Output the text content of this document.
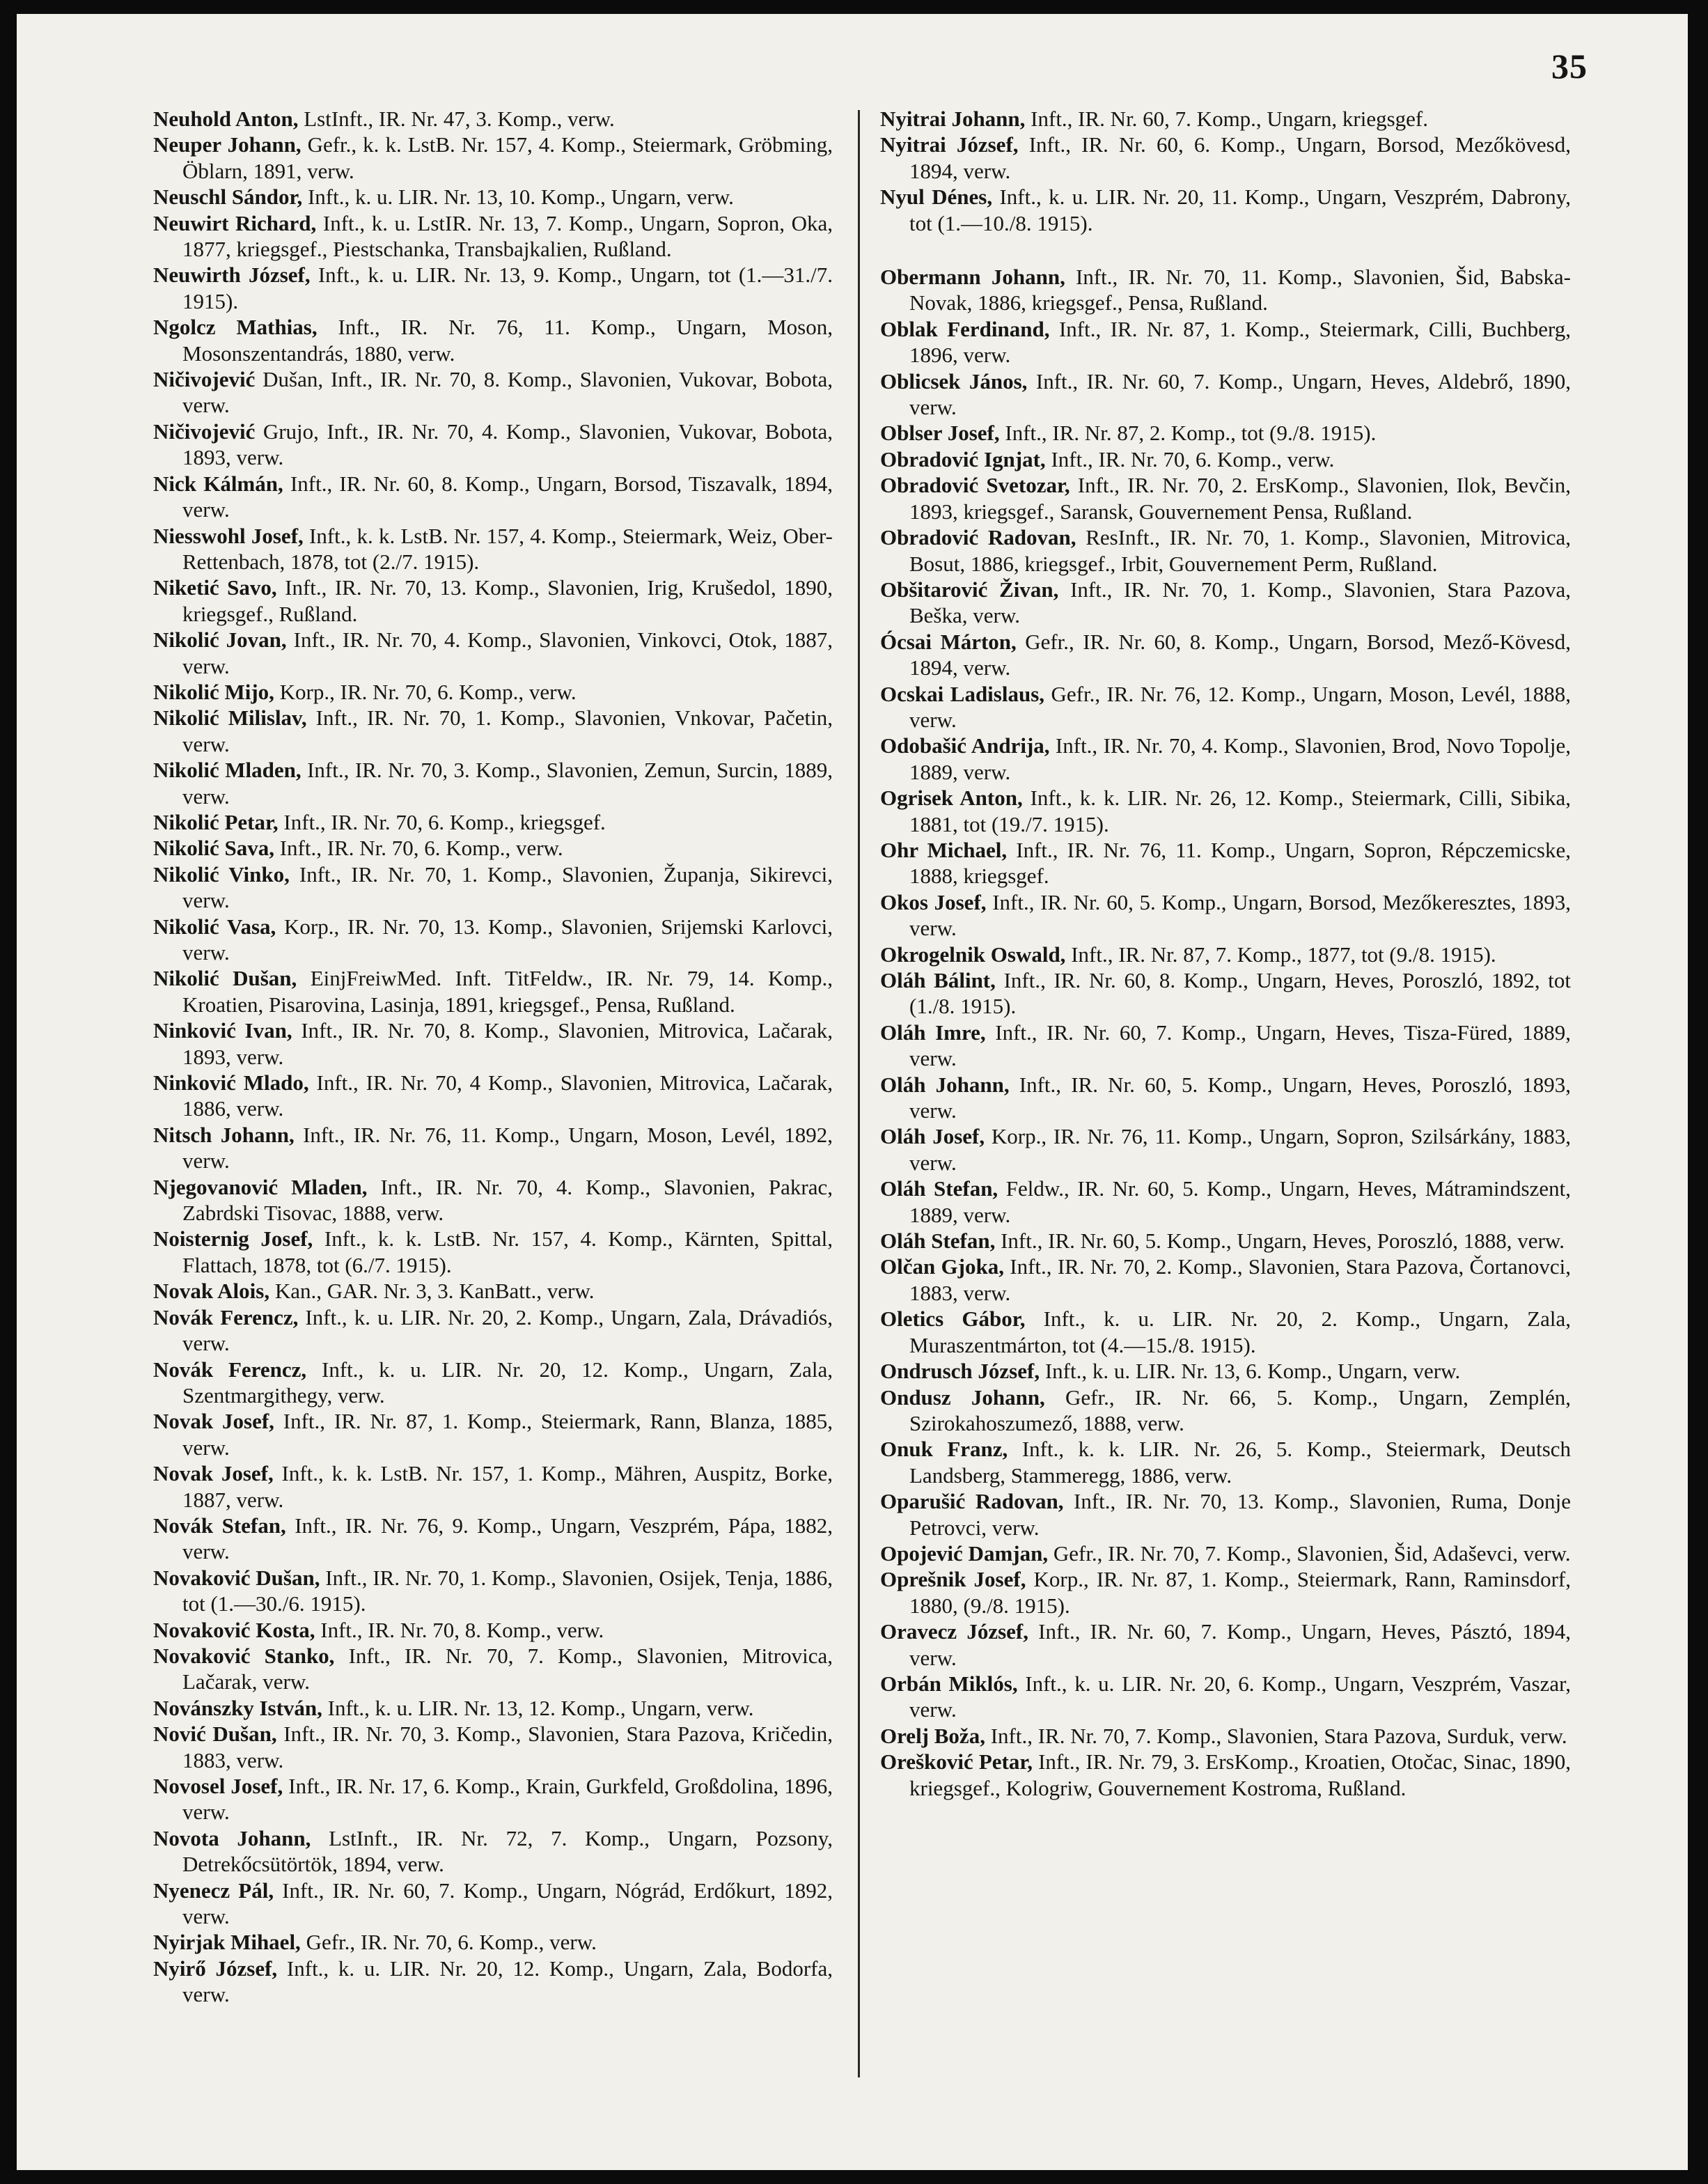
35
Neuhold Anton, LstInft., IR. Nr. 47, 3. Komp., verw.
Neuper Johann, Gefr., k. k. LstB. Nr. 157, 4. Komp., Steiermark, Gröbming, Öblarn, 1891, verw.
Neuschl Sándor, Inft., k. u. LIR. Nr. 13, 10. Komp., Ungarn, verw.
Neuwirt Richard, Inft., k. u. LstIR. Nr. 13, 7. Komp., Ungarn, Sopron, Oka, 1877, kriegsgef., Piestschanka, Transbajkalien, Rußland.
Neuwirth József, Inft., k. u. LIR. Nr. 13, 9. Komp., Ungarn, tot (1.—31./7. 1915).
Ngolcz Mathias, Inft., IR. Nr. 76, 11. Komp., Ungarn, Moson, Mosonszentandrás, 1880, verw.
Ničivojević Dušan, Inft., IR. Nr. 70, 8. Komp., Slavonien, Vukovar, Bobota, verw.
Ničivojević Grujo, Inft., IR. Nr. 70, 4. Komp., Slavonien, Vukovar, Bobota, 1893, verw.
Nick Kálmán, Inft., IR. Nr. 60, 8. Komp., Ungarn, Borsod, Tiszavalk, 1894, verw.
Niesswohl Josef, Inft., k. k. LstB. Nr. 157, 4. Komp., Steiermark, Weiz, Ober-Rettenbach, 1878, tot (2./7. 1915).
Niketić Savo, Inft., IR. Nr. 70, 13. Komp., Slavonien, Irig, Krušedol, 1890, kriegsgef., Rußland.
Nikolić Jovan, Inft., IR. Nr. 70, 4. Komp., Slavonien, Vinkovci, Otok, 1887, verw.
Nikolić Mijo, Korp., IR. Nr. 70, 6. Komp., verw.
Nikolić Milislav, Inft., IR. Nr. 70, 1. Komp., Slavonien, Vnkovar, Pačetin, verw.
Nikolić Mladen, Inft., IR. Nr. 70, 3. Komp., Slavonien, Zemun, Surcin, 1889, verw.
Nikolić Petar, Inft., IR. Nr. 70, 6. Komp., kriegsgef.
Nikolić Sava, Inft., IR. Nr. 70, 6. Komp., verw.
Nikolić Vinko, Inft., IR. Nr. 70, 1. Komp., Slavonien, Županja, Sikirevci, verw.
Nikolić Vasa, Korp., IR. Nr. 70, 13. Komp., Slavonien, Srijemski Karlovci, verw.
Nikolić Dušan, EinjFreiwMed. Inft. TitFeldw., IR. Nr. 79, 14. Komp., Kroatien, Pisarovina, Lasinja, 1891, kriegsgef., Pensa, Rußland.
Ninković Ivan, Inft., IR. Nr. 70, 8. Komp., Slavonien, Mitrovica, Lačarak, 1893, verw.
Ninković Mlado, Inft., IR. Nr. 70, 4 Komp., Slavonien, Mitrovica, Lačarak, 1886, verw.
Nitsch Johann, Inft., IR. Nr. 76, 11. Komp., Ungarn, Moson, Levél, 1892, verw.
Njegovanović Mladen, Inft., IR. Nr. 70, 4. Komp., Slavonien, Pakrac, Zabrdski Tisovac, 1888, verw.
Noisternig Josef, Inft., k. k. LstB. Nr. 157, 4. Komp., Kärnten, Spittal, Flattach, 1878, tot (6./7. 1915).
Novak Alois, Kan., GAR. Nr. 3, 3. KanBatt., verw.
Novák Ferencz, Inft., k. u. LIR. Nr. 20, 2. Komp., Ungarn, Zala, Drávadiós, verw.
Novák Ferencz, Inft., k. u. LIR. Nr. 20, 12. Komp., Ungarn, Zala, Szentmargithegy, verw.
Novak Josef, Inft., IR. Nr. 87, 1. Komp., Steiermark, Rann, Blanza, 1885, verw.
Novak Josef, Inft., k. k. LstB. Nr. 157, 1. Komp., Mähren, Auspitz, Borke, 1887, verw.
Novák Stefan, Inft., IR. Nr. 76, 9. Komp., Ungarn, Veszprém, Pápa, 1882, verw.
Novaković Dušan, Inft., IR. Nr. 70, 1. Komp., Slavonien, Osijek, Tenja, 1886, tot (1.—30./6. 1915).
Novaković Kosta, Inft., IR. Nr. 70, 8. Komp., verw.
Novaković Stanko, Inft., IR. Nr. 70, 7. Komp., Slavonien, Mitrovica, Lačarak, verw.
Novánszky István, Inft., k. u. LIR. Nr. 13, 12. Komp., Ungarn, verw.
Nović Dušan, Inft., IR. Nr. 70, 3. Komp., Slavonien, Stara Pazova, Kričedin, 1883, verw.
Novosel Josef, Inft., IR. Nr. 17, 6. Komp., Krain, Gurkfeld, Großdolina, 1896, verw.
Novota Johann, LstInft., IR. Nr. 72, 7. Komp., Ungarn, Pozsony, Detrekőcsütörtök, 1894, verw.
Nyenecz Pál, Inft., IR. Nr. 60, 7. Komp., Ungarn, Nógrád, Erdőkurt, 1892, verw.
Nyirjak Mihael, Gefr., IR. Nr. 70, 6. Komp., verw.
Nyirő József, Inft., k. u. LIR. Nr. 20, 12. Komp., Ungarn, Zala, Bodorfa, verw.
Nyitrai Johann, Inft., IR. Nr. 60, 7. Komp., Ungarn, kriegsgef.
Nyitrai József, Inft., IR. Nr. 60, 6. Komp., Ungarn, Borsod, Mezőkövesd, 1894, verw.
Nyul Dénes, Inft., k. u. LIR. Nr. 20, 11. Komp., Ungarn, Veszprém, Dabrony, tot (1.—10./8. 1915).
Obermann Johann, Inft., IR. Nr. 70, 11. Komp., Slavonien, Šid, Babska-Novak, 1886, kriegsgef., Pensa, Rußland.
Oblak Ferdinand, Inft., IR. Nr. 87, 1. Komp., Steiermark, Cilli, Buchberg, 1896, verw.
Oblicsek János, Inft., IR. Nr. 60, 7. Komp., Ungarn, Heves, Aldebrő, 1890, verw.
Oblser Josef, Inft., IR. Nr. 87, 2. Komp., tot (9./8. 1915).
Obradović Ignjat, Inft., IR. Nr. 70, 6. Komp., verw.
Obradović Svetozar, Inft., IR. Nr. 70, 2. ErsKomp., Slavonien, Ilok, Bevčin, 1893, kriegsgef., Saransk, Gouvernement Pensa, Rußland.
Obradović Radovan, ResInft., IR. Nr. 70, 1. Komp., Slavonien, Mitrovica, Bosut, 1886, kriegsgef., Irbit, Gouvernement Perm, Rußland.
Obšitarović Živan, Inft., IR. Nr. 70, 1. Komp., Slavonien, Stara Pazova, Beška, verw.
Ócsai Márton, Gefr., IR. Nr. 60, 8. Komp., Ungarn, Borsod, Mező-Kövesd, 1894, verw.
Ocskai Ladislaus, Gefr., IR. Nr. 76, 12. Komp., Ungarn, Moson, Levél, 1888, verw.
Odobašić Andrija, Inft., IR. Nr. 70, 4. Komp., Slavonien, Brod, Novo Topolje, 1889, verw.
Ogrisek Anton, Inft., k. k. LIR. Nr. 26, 12. Komp., Steiermark, Cilli, Sibika, 1881, tot (19./7. 1915).
Ohr Michael, Inft., IR. Nr. 76, 11. Komp., Ungarn, Sopron, Répczemicske, 1888, kriegsgef.
Okos Josef, Inft., IR. Nr. 60, 5. Komp., Ungarn, Borsod, Mezőkeresztes, 1893, verw.
Okrogelnik Oswald, Inft., IR. Nr. 87, 7. Komp., 1877, tot (9./8. 1915).
Oláh Bálint, Inft., IR. Nr. 60, 8. Komp., Ungarn, Heves, Poroszló, 1892, tot (1./8. 1915).
Oláh Imre, Inft., IR. Nr. 60, 7. Komp., Ungarn, Heves, Tisza-Füred, 1889, verw.
Oláh Johann, Inft., IR. Nr. 60, 5. Komp., Ungarn, Heves, Poroszló, 1893, verw.
Oláh Josef, Korp., IR. Nr. 76, 11. Komp., Ungarn, Sopron, Szilsárkány, 1883, verw.
Oláh Stefan, Feldw., IR. Nr. 60, 5. Komp., Ungarn, Heves, Mátramindszent, 1889, verw.
Oláh Stefan, Inft., IR. Nr. 60, 5. Komp., Ungarn, Heves, Poroszló, 1888, verw.
Olčan Gjoka, Inft., IR. Nr. 70, 2. Komp., Slavonien, Stara Pazova, Čortanovci, 1883, verw.
Oletics Gábor, Inft., k. u. LIR. Nr. 20, 2. Komp., Ungarn, Zala, Muraszentmárton, tot (4.—15./8. 1915).
Ondrusch József, Inft., k. u. LIR. Nr. 13, 6. Komp., Ungarn, verw.
Ondusz Johann, Gefr., IR. Nr. 66, 5. Komp., Ungarn, Zemplén, Szirokahoszumező, 1888, verw.
Onuk Franz, Inft., k. k. LIR. Nr. 26, 5. Komp., Steiermark, Deutsch Landsberg, Stammeregg, 1886, verw.
Oparušić Radovan, Inft., IR. Nr. 70, 13. Komp., Slavonien, Ruma, Donje Petrovci, verw.
Opojević Damjan, Gefr., IR. Nr. 70, 7. Komp., Slavonien, Šid, Adaševci, verw.
Oprešnik Josef, Korp., IR. Nr. 87, 1. Komp., Steiermark, Rann, Raminsdorf, 1880, (9./8. 1915).
Oravecz József, Inft., IR. Nr. 60, 7. Komp., Ungarn, Heves, Pásztó, 1894, verw.
Orbán Miklós, Inft., k. u. LIR. Nr. 20, 6. Komp., Ungarn, Veszprém, Vaszar, verw.
Orelj Boža, Inft., IR. Nr. 70, 7. Komp., Slavonien, Stara Pazova, Surduk, verw.
Orešković Petar, Inft., IR. Nr. 79, 3. ErsKomp., Kroatien, Otočac, Sinac, 1890, kriegsgef., Kologriw, Gouvernement Kostroma, Rußland.
